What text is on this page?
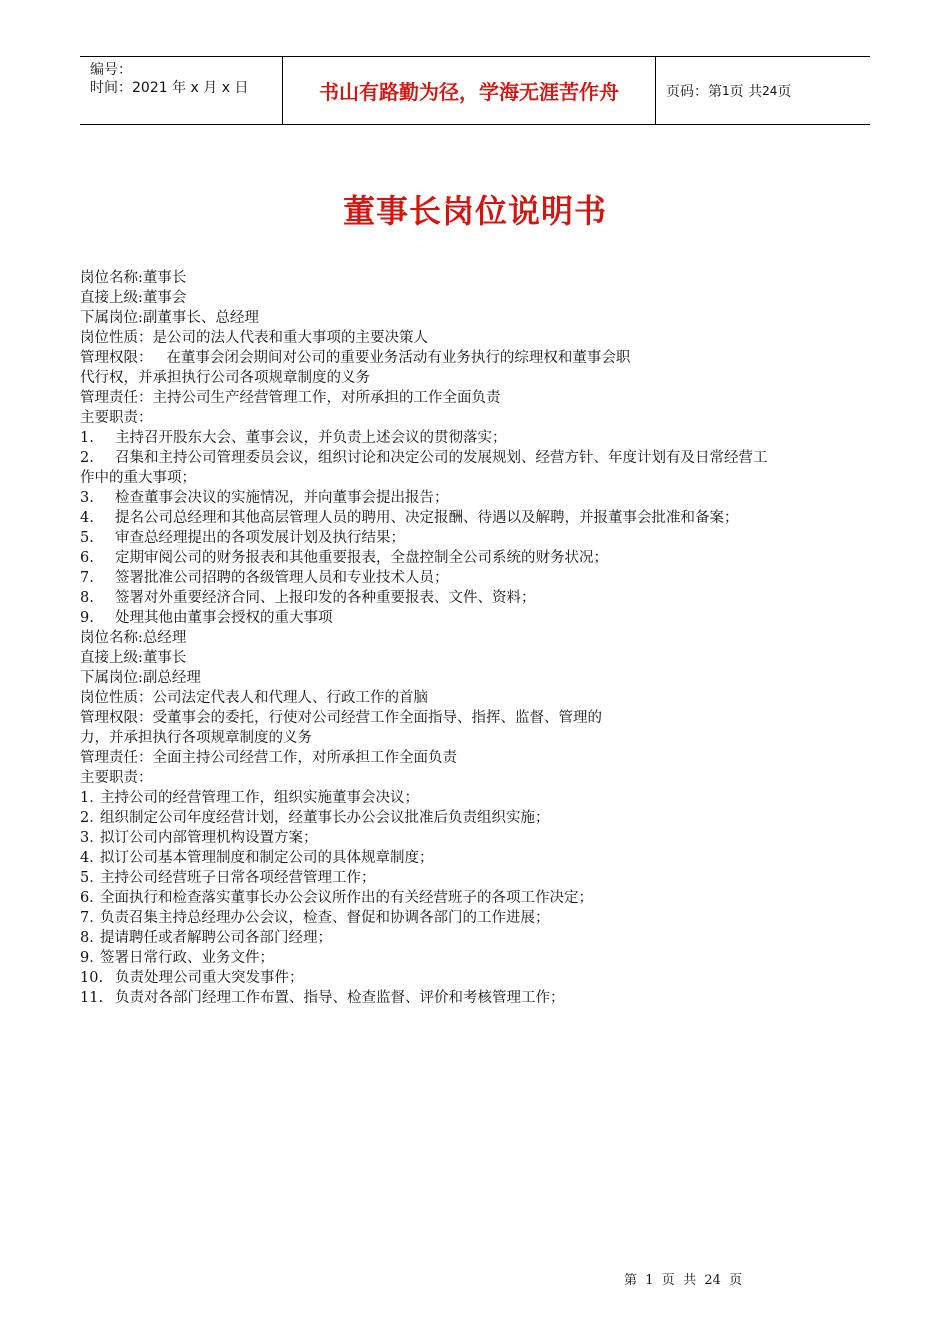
编号：
时间：2021 年 x 月 x 日	书山有路勤为径，学海无涯苦作舟	页码：第 1 页 共 24 页
董事长岗位说明书
岗位名称:董事长
直接上级:董事会
下属岗位:副董事长、总经理
岗位性质：是公司的法人代表和重大事项的主要决策人
管理权限：   在董事会闭会期间对公司的重要业务活动有业务执行的综理权和董事会职
代行权，并承担执行公司各项规章制度的义务
管理责任：主持公司生产经营管理工作，对所承担的工作全面负责
主要职责：
1. 主持召开股东大会、董事会议，并负责上述会议的贯彻落实；
2. 召集和主持公司管理委员会议，组织讨论和决定公司的发展规划、经营方针、年度计划有及日常经营工
作中的重大事项；
3. 检查董事会决议的实施情况，并向董事会提出报告；
4. 提名公司总经理和其他高层管理人员的聘用、决定报酬、待遇以及解聘，并报董事会批准和备案；
5. 审查总经理提出的各项发展计划及执行结果；
6. 定期审阅公司的财务报表和其他重要报表，全盘控制全公司系统的财务状况；
7. 签署批准公司招聘的各级管理人员和专业技术人员；
8. 签署对外重要经济合同、上报印发的各种重要报表、文件、资料；
9. 处理其他由董事会授权的重大事项
岗位名称:总经理
直接上级:董事长
下属岗位:副总经理
岗位性质：公司法定代表人和代理人、行政工作的首脑
管理权限：受董事会的委托，行使对公司经营工作全面指导、指挥、监督、管理的
力，并承担执行各项规章制度的义务
管理责任：全面主持公司经营工作，对所承担工作全面负责
主要职责：
1．主持公司的经营管理工作，组织实施董事会决议；
2．组织制定公司年度经营计划，经董事长办公会议批准后负责组织实施；
3．拟订公司内部管理机构设置方案；
4．拟订公司基本管理制度和制定公司的具体规章制度；
5．主持公司经营班子日常各项经营管理工作；
6．全面执行和检查落实董事长办公会议所作出的有关经营班子的各项工作决定；
7．负责召集主持总经理办公会议，检查、督促和协调各部门的工作进展；
8．提请聘任或者解聘公司各部门经理；
9．签署日常行政、业务文件；
10. 负责处理公司重大突发事件；
11. 负责对各部门经理工作布置、指导、检查监督、评价和考核管理工作；
第  1  页  共  24  页
